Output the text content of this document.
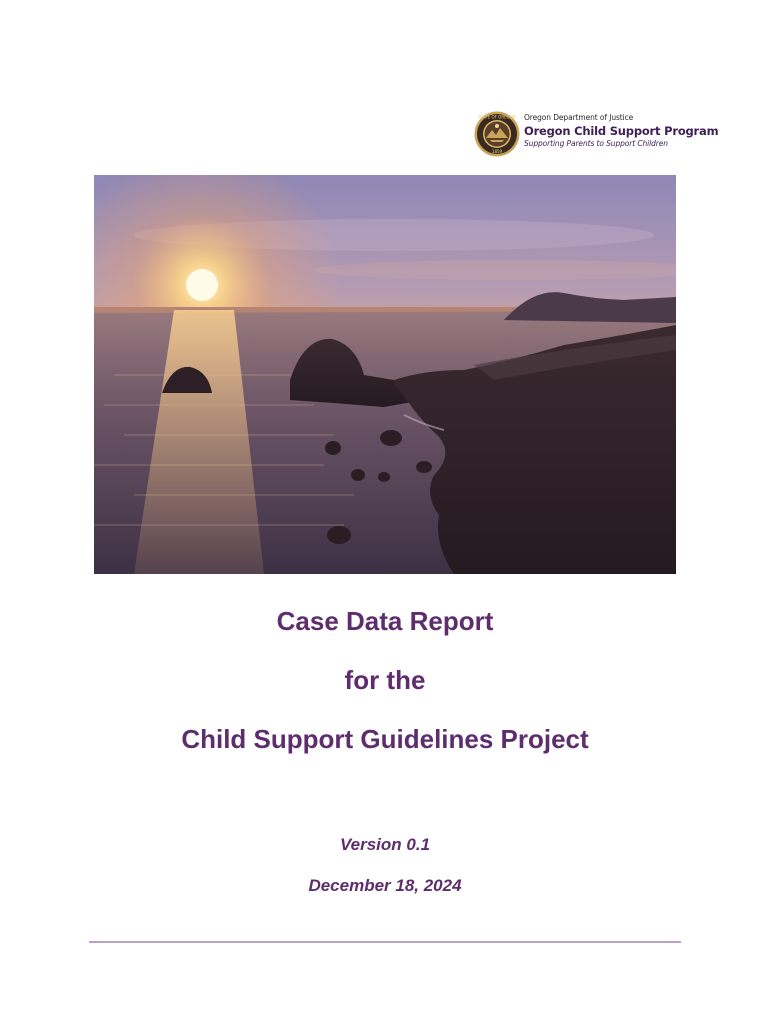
STATE OF OREGON
1859
Oregon Department of Justice
Oregon Child Support Program
Supporting Parents to Support Children
Case Data Report
for the
Child Support Guidelines Project
Version 0.1
December 18, 2024
